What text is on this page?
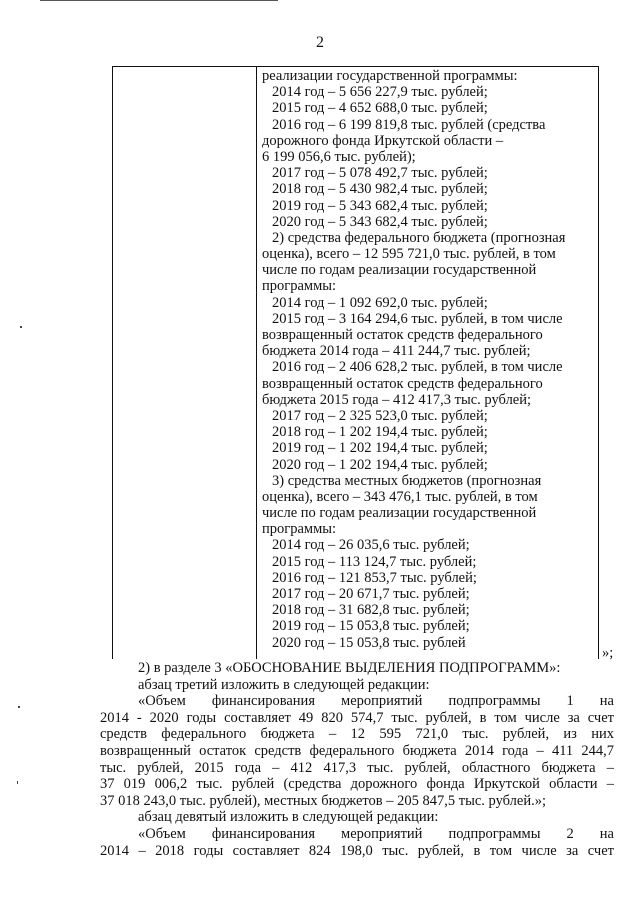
2
реализации государственной программы:
2014 год – 5 656 227,9 тыс. рублей;
2015 год – 4 652 688,0 тыс. рублей;
2016 год – 6 199 819,8 тыс. рублей (средства
дорожного фонда Иркутской области –
6 199 056,6 тыс. рублей);
2017 год – 5 078 492,7 тыс. рублей;
2018 год – 5 430 982,4 тыс. рублей;
2019 год – 5 343 682,4 тыс. рублей;
2020 год – 5 343 682,4 тыс. рублей;
2) средства федерального бюджета (прогнозная
оценка), всего – 12 595 721,0 тыс. рублей, в том
числе по годам реализации государственной
программы:
2014 год – 1 092 692,0 тыс. рублей;
2015 год – 3 164 294,6 тыс. рублей, в том числе
возвращенный остаток средств федерального
бюджета 2014 года – 411 244,7 тыс. рублей;
2016 год – 2 406 628,2 тыс. рублей, в том числе
возвращенный остаток средств федерального
бюджета 2015 года – 412 417,3 тыс. рублей;
2017 год – 2 325 523,0 тыс. рублей;
2018 год – 1 202 194,4 тыс. рублей;
2019 год – 1 202 194,4 тыс. рублей;
2020 год – 1 202 194,4 тыс. рублей;
3) средства местных бюджетов (прогнозная
оценка), всего – 343 476,1 тыс. рублей, в том
числе по годам реализации государственной
программы:
2014 год – 26 035,6 тыс. рублей;
2015 год – 113 124,7 тыс. рублей;
2016 год – 121 853,7 тыс. рублей;
2017 год – 20 671,7 тыс. рублей;
2018 год – 31 682,8 тыс. рублей;
2019 год – 15 053,8 тыс. рублей;
2020 год – 15 053,8 тыс. рублей
»;
2) в разделе 3 «ОБОСНОВАНИЕ ВЫДЕЛЕНИЯ ПОДПРОГРАММ»:
абзац третий изложить в следующей редакции:
«Объем финансирования мероприятий подпрограммы 1 на
2014 - 2020 годы составляет 49 820 574,7 тыс. рублей, в том числе за счет
средств федерального бюджета – 12 595 721,0 тыс. рублей, из них
возвращенный остаток средств федерального бюджета 2014 года – 411 244,7
тыс. рублей, 2015 года – 412 417,3 тыс. рублей, областного бюджета –
37 019 006,2 тыс. рублей (средства дорожного фонда Иркутской области –
37 018 243,0 тыс. рублей), местных бюджетов – 205 847,5 тыс. рублей.»;
абзац девятый изложить в следующей редакции:
«Объем финансирования мероприятий подпрограммы 2 на
2014 – 2018 годы составляет 824 198,0 тыс. рублей, в том числе за счет
